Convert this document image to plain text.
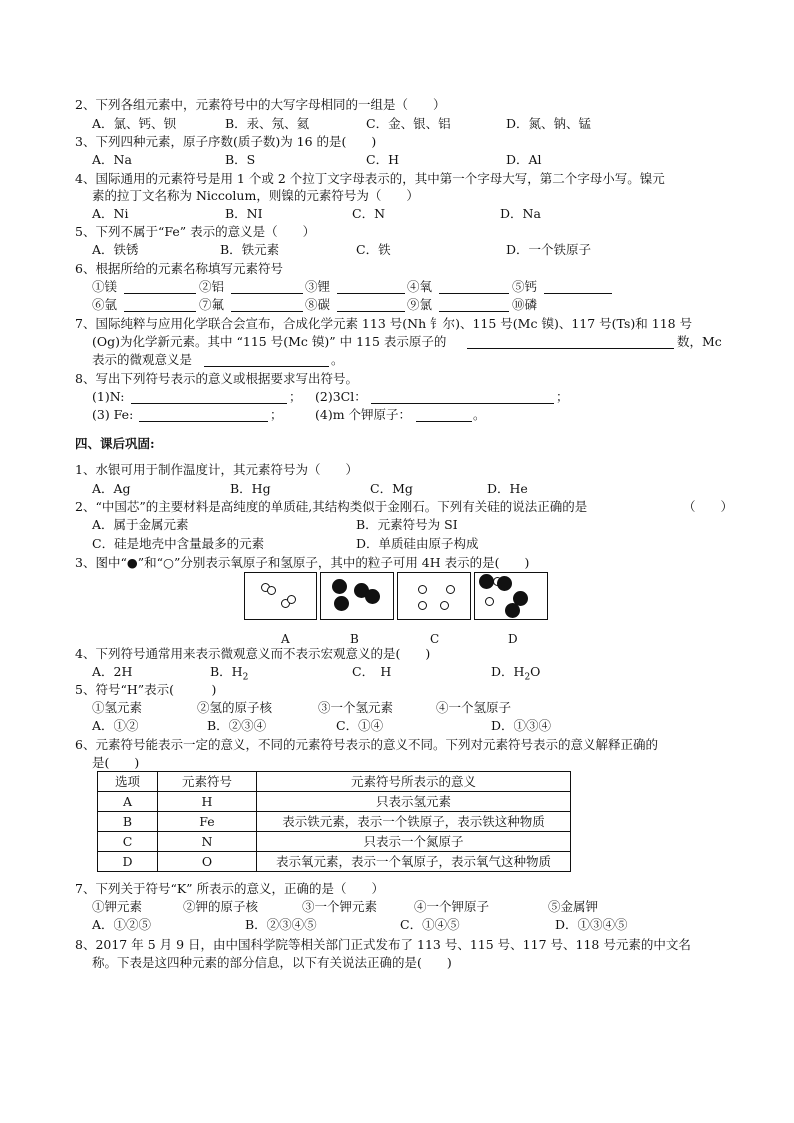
2、下列各组元素中，元素符号中的大写字母相同的一组是（　　）
A．氯、钙、钡	B．汞、氖、氦	C．金、银、铝	D．氮、钠、锰
3、下列四种元素，原子序数(质子数)为 16 的是(　　)
A．Na	B．S	C．H	D．Al
4、国际通用的元素符号是用 1 个或 2 个拉丁文字母表示的，其中第一个字母大写，第二个字母小写。镍元
素的拉丁文名称为 Niccolum，则镍的元素符号为（　　）
A．Ni	B．NI	C．N	D．Na
5、下列不属于“Fe” 表示的意义是（　　）
A．铁锈	B．铁元素	C．铁	D．一个铁原子
6、根据所给的元素名称填写元素符号
①镁	②铝	③锂	④氧	⑤钙
⑥氩	⑦氟	⑧碳	⑨氯	⑩磷
7、国际纯粹与应用化学联合会宣布，合成化学元素 113 号(Nh 钅尔)、115 号(Mc 镆)、117 号(Ts)和 118 号
(Og)为化学新元素。其中 “115 号(Mc 镆)” 中 115 表示原子的	数，Mc
表示的微观意义是	。
8、写出下列符号表示的意义或根据要求写出符号。
(1)N:	； (2)3Cl：	；
(3) Fe:	；	(4)m 个钾原子：	。
四、课后巩固:
1、水银可用于制作温度计，其元素符号为（　　）
A．Ag	B．Hg	C．Mg	D．He
2、“中国芯”的主要材料是高纯度的单质硅,其结构类似于金刚石。下列有关硅的说法正确的是	（　　）
A．属于金属元素	B．元素符号为 SI
C．硅是地壳中含量最多的元素	D．单质硅由原子构成
3、图中“●”和“○”分别表示氧原子和氢原子，其中的粒子可用 4H 表示的是(　　)
A	B	C	D
4、下列符号通常用来表示微观意义而不表示宏观意义的是(　　)
A．2H	B．$H_2$	C．　H	D．$H_2O$
5、符号“H”表示(　　　)
①氢元素	②氢的原子核	③一个氢元素	④一个氢原子
A．①②	B．②③④	C．①④	D．①③④
6、元素符号能表示一定的意义，不同的元素符号表示的意义不同。下列对元素符号表示的意义解释正确的
是(　　)
选项	元素符号	元素符号所表示的意义
A	H	只表示氢元素
B	Fe	表示铁元素，表示一个铁原子，表示铁这种物质
C	N	只表示一个氮原子
D	O	表示氧元素，表示一个氧原子，表示氧气这种物质
7、下列关于符号“K” 所表示的意义，正确的是（　　）
①钾元素	②钾的原子核	③一个钾元素	④一个钾原子	⑤金属钾
A．①②⑤	B．②③④⑤	C．①④⑤	D．①③④⑤
8、2017 年 5 月 9 日，由中国科学院等相关部门正式发布了 113 号、115 号、117 号、118 号元素的中文名
称。下表是这四种元素的部分信息，以下有关说法正确的是(　　)
